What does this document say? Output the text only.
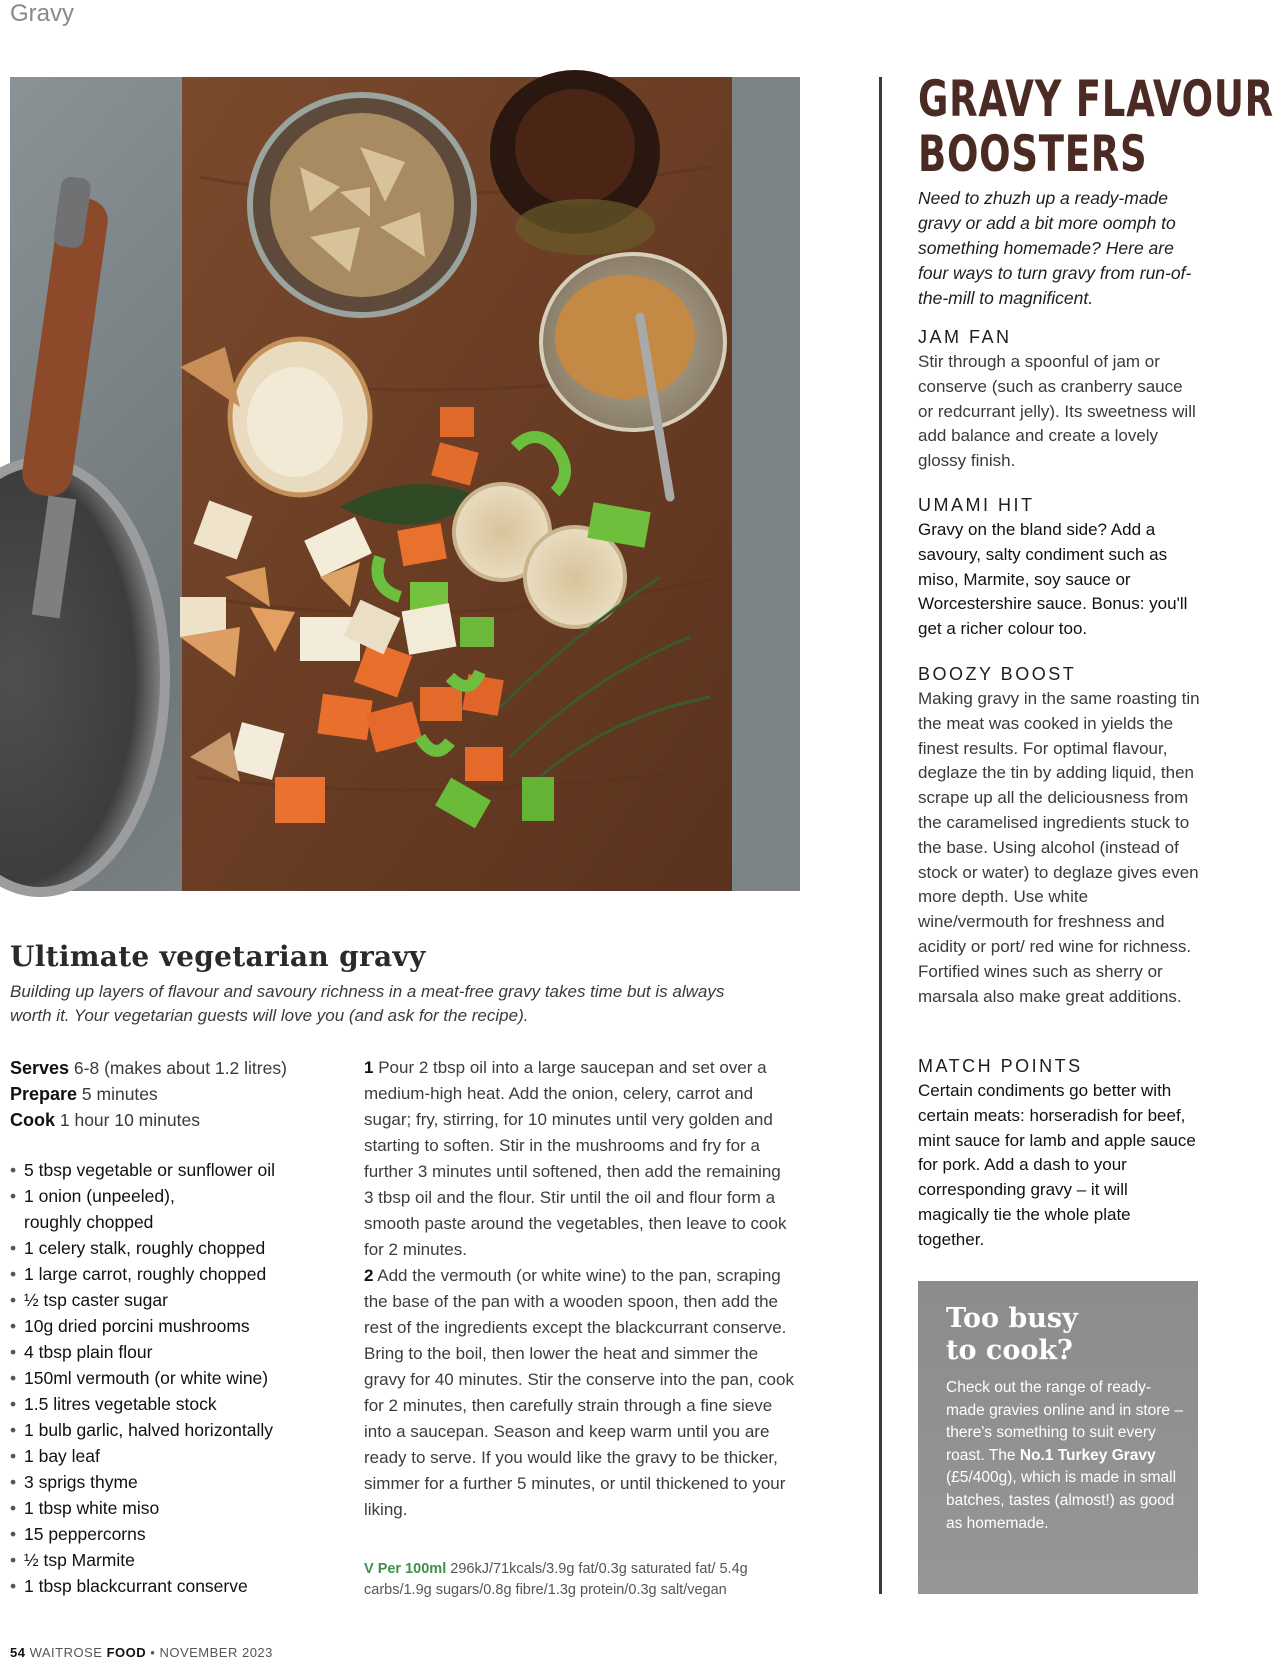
Gravy
GRAVY FLAVOUR
BOOSTERS
Need to zhuzh up a ready-made gravy or add a bit more oomph to something homemade? Here are four ways to turn gravy from run-of-the-mill to magnificent.
JAM FAN

Stir through a spoonful of jam or conserve (such as cranberry sauce or redcurrant jelly). Its sweetness will add balance and create a lovely glossy finish.

UMAMI HIT

Gravy on the bland side? Add a savoury, salty condiment such as miso, Marmite, soy sauce or Worcestershire sauce. Bonus: you'll get a richer colour too.

BOOZY BOOST

Making gravy in the same roasting tin the meat was cooked in yields the finest results. For optimal flavour, deglaze the tin by adding liquid, then scrape up all the deliciousness from the caramelised ingredients stuck to the base. Using alcohol (instead of stock or water) to deglaze gives even more depth. Use white wine/vermouth for freshness and acidity or port/ red wine for richness. Fortified wines such as sherry or marsala also make great additions.

MATCH POINTS

Certain condiments go better with certain meats: horseradish for beef, mint sauce for lamb and apple sauce for pork. Add a dash to your corresponding gravy – it will magically tie the whole plate together.

Too busy
to cook?

Check out the range of ready-made gravies online and in store – there's something to suit every roast. The No.1 Turkey Gravy (£5/400g), which is made in small batches, tastes (almost!) as good as homemade.

Ultimate vegetarian gravy
Building up layers of flavour and savoury richness in a meat-free gravy takes time but is always worth it. Your vegetarian guests will love you (and ask for the recipe).
Serves 6-8 (makes about 1.2 litres)
Prepare 5 minutes
Cook 1 hour 10 minutes
• 5 tbsp vegetable or sunflower oil
• 1 onion (unpeeled), roughly chopped
• 1 celery stalk, roughly chopped
• 1 large carrot, roughly chopped
• ½ tsp caster sugar
• 10g dried porcini mushrooms
• 4 tbsp plain flour
• 150ml vermouth (or white wine)
• 1.5 litres vegetable stock
• 1 bulb garlic, halved horizontally
• 1 bay leaf
• 3 sprigs thyme
• 1 tbsp white miso
• 15 peppercorns
• ½ tsp Marmite
• 1 tbsp blackcurrant conserve

1 Pour 2 tbsp oil into a large saucepan and set over a medium-high heat. Add the onion, celery, carrot and sugar; fry, stirring, for 10 minutes until very golden and starting to soften. Stir in the mushrooms and fry for a further 3 minutes until softened, then add the remaining 3 tbsp oil and the flour. Stir until the oil and flour form a smooth paste around the vegetables, then leave to cook for 2 minutes.

2 Add the vermouth (or white wine) to the pan, scraping the base of the pan with a wooden spoon, then add the rest of the ingredients except the blackcurrant conserve. Bring to the boil, then lower the heat and simmer the gravy for 40 minutes. Stir the conserve into the pan, cook for 2 minutes, then carefully strain through a fine sieve into a saucepan. Season and keep warm until you are ready to serve. If you would like the gravy to be thicker, simmer for a further 5 minutes, or until thickened to your liking.

V Per 100ml 296kJ/71kcals/3.9g fat/0.3g saturated fat/ 5.4g carbs/1.9g sugars/0.8g fibre/1.3g protein/0.3g salt/vegan
54 WAITROSE FOOD • NOVEMBER 2023
